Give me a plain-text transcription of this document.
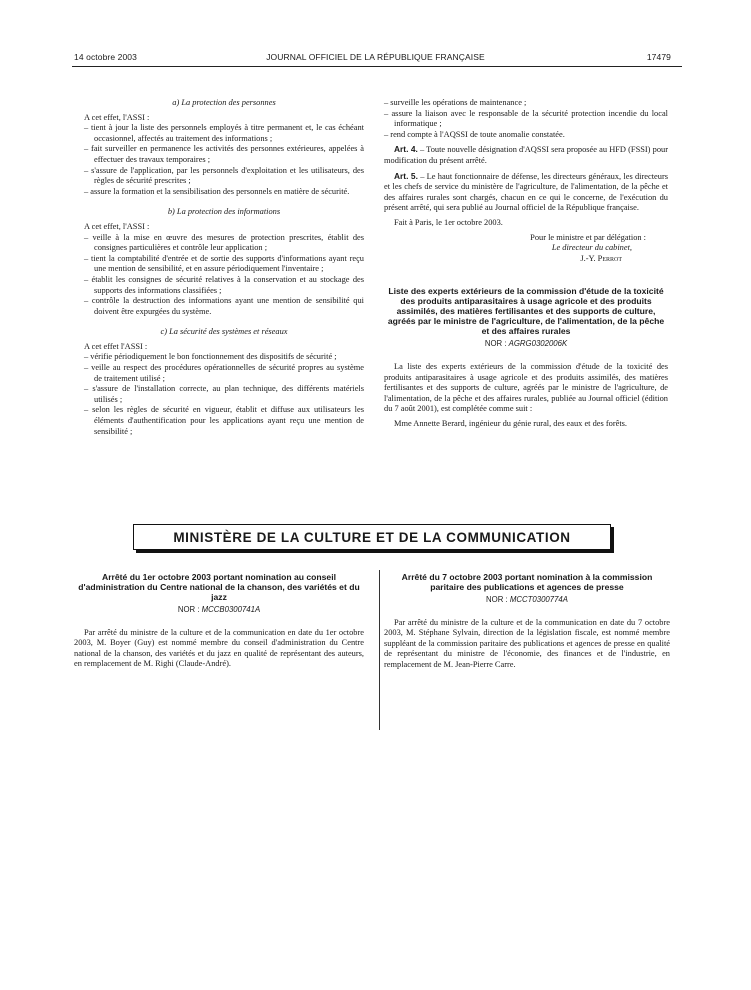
14 octobre 2003	JOURNAL OFFICIEL DE LA RÉPUBLIQUE FRANÇAISE	17479

a) La protection des personnes

A cet effet, l'ASSI :

– tient à jour la liste des personnels employés à titre permanent et, le cas échéant occasionnel, affectés au traitement des informations ;

– fait surveiller en permanence les activités des personnes extérieures, appelées à effectuer des travaux temporaires ;

– s'assure de l'application, par les personnels d'exploitation et les utilisateurs, des règles de sécurité prescrites ;

– assure la formation et la sensibilisation des personnels en matière de sécurité.

b) La protection des informations

A cet effet, l'ASSI :

– veille à la mise en œuvre des mesures de protection prescrites, établit des consignes particulières et contrôle leur application ;

– tient la comptabilité d'entrée et de sortie des supports d'informations ayant reçu une mention de sensibilité, et en assure périodiquement l'inventaire ;

– établit les consignes de sécurité relatives à la conservation et au stockage des supports des informations classifiées ;

– contrôle la destruction des informations ayant une mention de sensibilité qui doivent être expurgées du système.

c) La sécurité des systèmes et réseaux

A cet effet l'ASSI :

– vérifie périodiquement le bon fonctionnement des dispositifs de sécurité ;

– veille au respect des procédures opérationnelles de sécurité propres au système de traitement utilisé ;

– s'assure de l'installation correcte, au plan technique, des différents matériels utilisés ;

– selon les règles de sécurité en vigueur, établit et diffuse aux utilisateurs les éléments d'authentification pour les applications ayant reçu une mention de sensibilité ;

– surveille les opérations de maintenance ;

– assure la liaison avec le responsable de la sécurité protection incendie du local informatique ;

– rend compte à l'AQSSI de toute anomalie constatée.

Art. 4. – Toute nouvelle désignation d'AQSSI sera proposée au HFD (FSSI) pour modification du présent arrêté.

Art. 5. – Le haut fonctionnaire de défense, les directeurs généraux, les directeurs et les chefs de service du ministère de l'agriculture, de l'alimentation, de la pêche et des affaires rurales sont chargés, chacun en ce qui le concerne, de l'exécution du présent arrêté, qui sera publié au Journal officiel de la République française.

Fait à Paris, le 1er octobre 2003.

Pour le ministre et par délégation :

Le directeur du cabinet,

J.-Y. Perrot

Liste des experts extérieurs de la commission d'étude de la toxicité des produits antiparasitaires à usage agricole et des produits assimilés, des matières fertilisantes et des supports de culture, agréés par le ministre de l'agriculture, de l'alimentation, de la pêche et des affaires rurales

NOR : AGRG0302006K

La liste des experts extérieurs de la commission d'étude de la toxicité des produits antiparasitaires à usage agricole et des produits assimilés, des matières fertilisantes et des supports de culture, agréés par le ministre de l'agriculture, de l'alimentation, de la pêche et des affaires rurales, publiée au Journal officiel (édition du 7 août 2001), est complétée comme suit :

Mme Annette Berard, ingénieur du génie rural, des eaux et des forêts.

MINISTÈRE DE LA CULTURE ET DE LA COMMUNICATION

Arrêté du 1er octobre 2003 portant nomination au conseil d'administration du Centre national de la chanson, des variétés et du jazz

NOR : MCCB0300741A

Par arrêté du ministre de la culture et de la communication en date du 1er octobre 2003, M. Boyer (Guy) est nommé membre du conseil d'administration du Centre national de la chanson, des variétés et du jazz en qualité de représentant des auteurs, en remplacement de M. Righi (Claude-André).

Arrêté du 7 octobre 2003 portant nomination à la commission paritaire des publications et agences de presse

NOR : MCCT0300774A

Par arrêté du ministre de la culture et de la communication en date du 7 octobre 2003, M. Stéphane Sylvain, direction de la législation fiscale, est nommé membre suppléant de la commission paritaire des publications et agences de presse en qualité de représentant du ministre de l'économie, des finances et de l'industrie, en remplacement de M. Jean-Pierre Carre.
